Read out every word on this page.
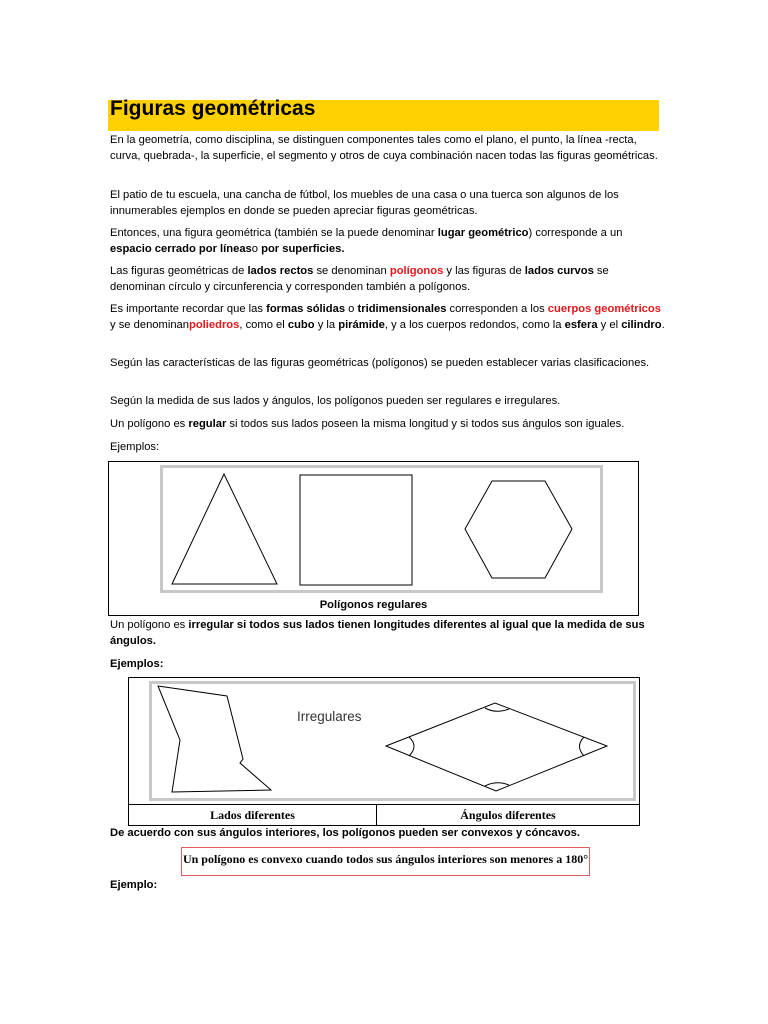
Figuras geométricas

En la geometría, como disciplina, se distinguen componentes tales como el plano, el punto, la línea -recta, curva, quebrada-, la superficie, el segmento y otros de cuya combinación nacen todas las figuras geométricas.

El patio de tu escuela, una cancha de fútbol, los muebles de una casa o una tuerca son algunos de los innumerables ejemplos en donde se pueden apreciar figuras geométricas.

Entonces, una figura geométrica (también se la puede denominar lugar geométrico) corresponde a un espacio cerrado por líneaso por superficies.

Las figuras geométricas de lados rectos se denominan polígonos y las figuras de lados curvos se denominan círculo y circunferencia y corresponden también a polígonos.

Es importante recordar que las formas sólidas o tridimensionales corresponden a los cuerpos geométricos y se denominanpoliedros, como el cubo y la pirámide, y a los cuerpos redondos, como la esfera y el cilindro.

Según las características de las figuras geométricas (polígonos) se pueden establecer varias clasificaciones.

Según la medida de sus lados y ángulos, los polígonos pueden ser regulares e irregulares.

Un polígono es regular si todos sus lados poseen la misma longitud y si todos sus ángulos son iguales.

Ejemplos:

Polígonos regulares

Un polígono es irregular si todos sus lados tienen longitudes diferentes al igual que la medida de sus ángulos.

Ejemplos:

Irregulares
Lados diferentes	Ángulos diferentes

De acuerdo con sus ángulos interiores, los polígonos pueden ser convexos y cóncavos.

Un polígono es convexo cuando todos sus ángulos interiores son menores a 180°

Ejemplo:
